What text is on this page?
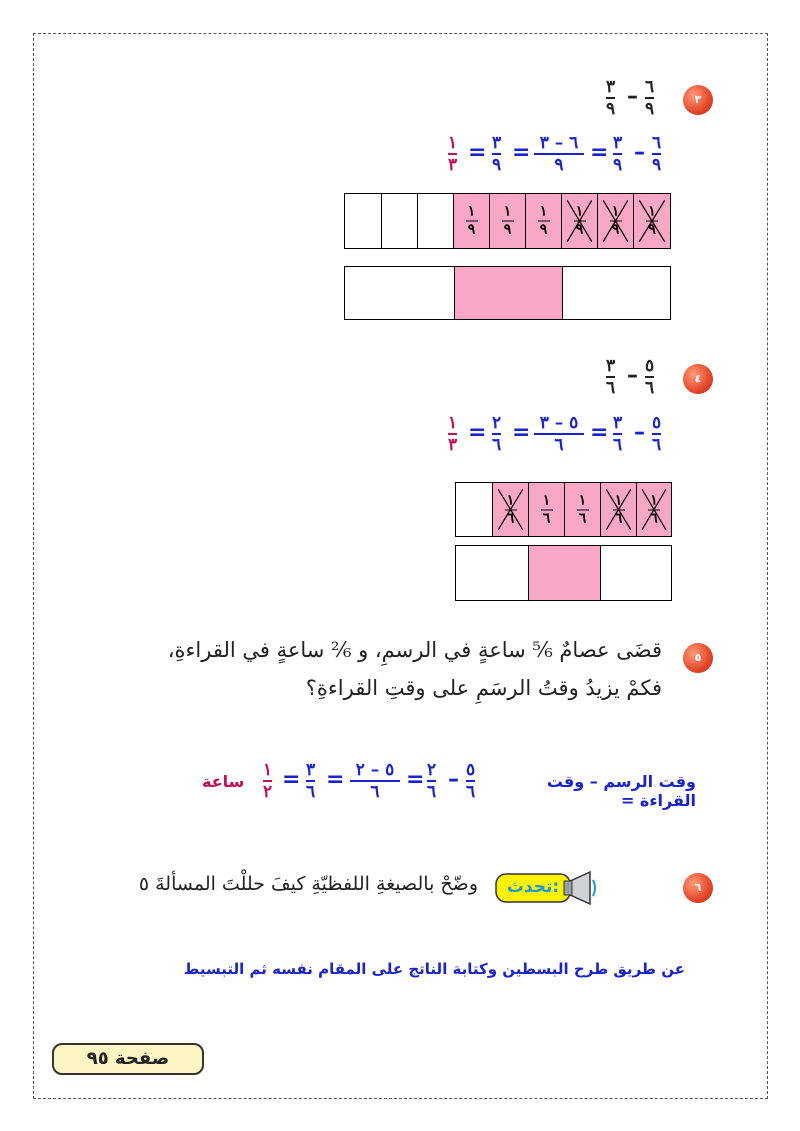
٣
٦
٩
–
٣
٩
٦
٩
–
٣
٩
=
٦ – ٣
٩
=
٣
٩
=
١
٣
١
٩
١
٩
١
٩
١
٩
١
٩
١
٩
٤
٥
٦
–
٣
٦
٥
٦
–
٣
٦
=
٥ – ٣
٦
=
٢
٦
=
١
٣
١
٦
١
٦
١
٦
١
٦
١
٦
٥
قضَى عصامٌ ⁵⁄₆ ساعةٍ في الرسمِ، و ²⁄₆ ساعةٍ في القراءةِ،
فكمْ يزيدُ وقتُ الرسَمِ على وقتِ القراءةِ؟
وقت الرسم – وقت القراءة =
٥
٦
–
٢
٦
=
٥ – ٢
٦
=
٣
٦
=
١
٢
ساعة
٦
تحدث:
وضّحْ بالصيغةِ اللفظيّةِ كيفَ حللْتَ المسألةَ ٥
عن طريق طرح البسطين وكتابة الناتج على المقام نفسه ثم التبسيط
صفحة ٩٥
